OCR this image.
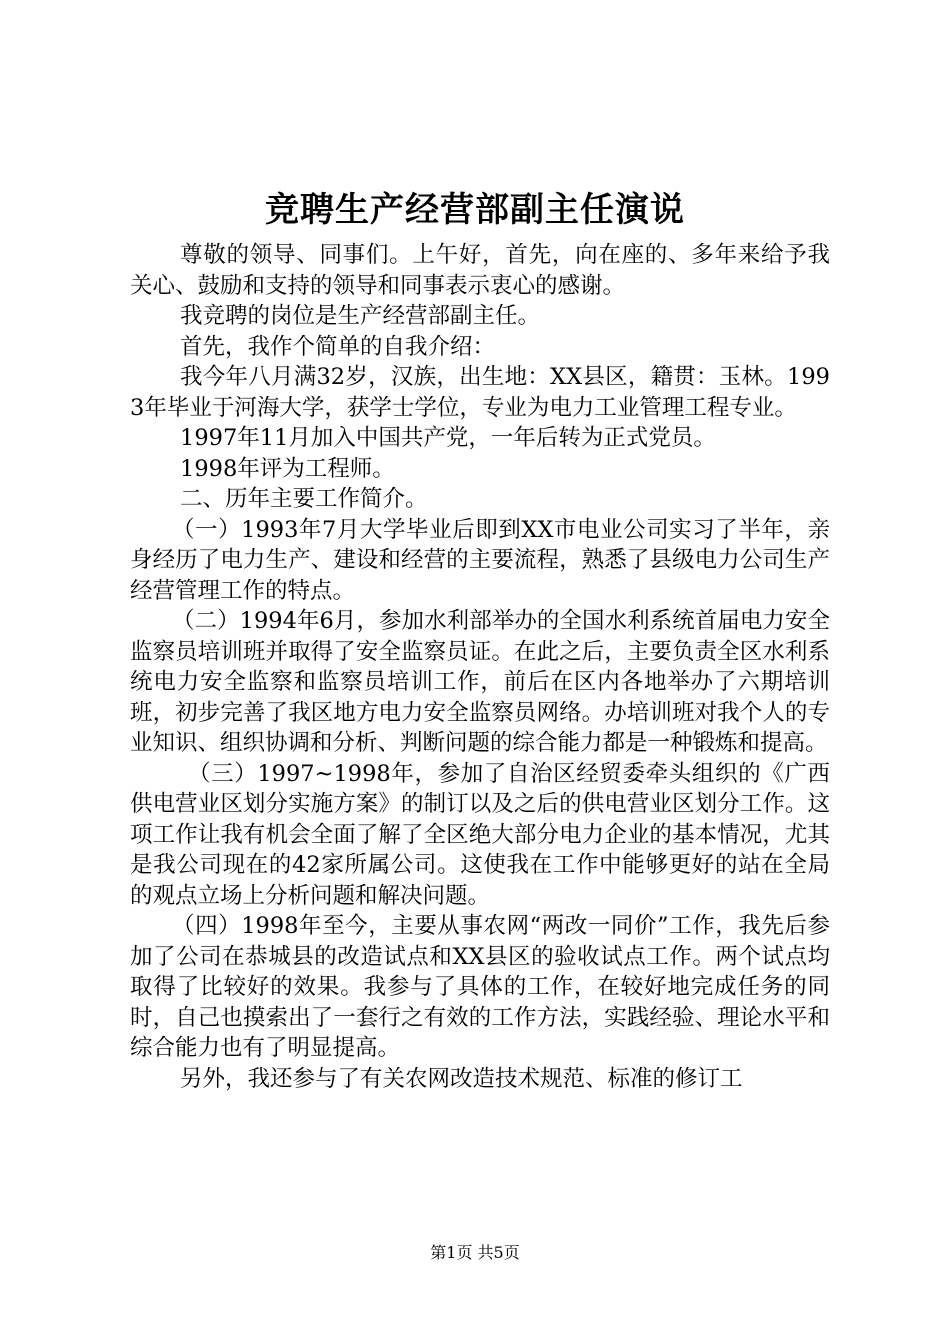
竞聘生产经营部副主任演说

尊敬的领导、同事们。上午好，首先，向在座的、多年来给予我关心、鼓励和支持的领导和同事表示衷心的感谢。

我竞聘的岗位是生产经营部副主任。

首先，我作个简单的自我介绍：

我今年八月满32岁，汉族，出生地：XX县区，籍贯：玉林。1993年毕业于河海大学，获学士学位，专业为电力工业管理工程专业。

1997年11月加入中国共产党，一年后转为正式党员。

1998年评为工程师。

二、历年主要工作简介。

（一）1993年7月大学毕业后即到XX市电业公司实习了半年，亲身经历了电力生产、建设和经营的主要流程，熟悉了县级电力公司生产经营管理工作的特点。

（二）1994年6月，参加水利部举办的全国水利系统首届电力安全监察员培训班并取得了安全监察员证。在此之后，主要负责全区水利系统电力安全监察和监察员培训工作，前后在区内各地举办了六期培训班，初步完善了我区地方电力安全监察员网络。办培训班对我个人的专业知识、组织协调和分析、判断问题的综合能力都是一种锻炼和提高。

（三）1997~1998年，参加了自治区经贸委牵头组织的《广西供电营业区划分实施方案》的制订以及之后的供电营业区划分工作。这项工作让我有机会全面了解了全区绝大部分电力企业的基本情况，尤其是我公司现在的42家所属公司。这使我在工作中能够更好的站在全局的观点立场上分析问题和解决问题。

（四）1998年至今，主要从事农网“两改一同价”工作，我先后参加了公司在恭城县的改造试点和XX县区的验收试点工作。两个试点均取得了比较好的效果。我参与了具体的工作，在较好地完成任务的同时，自己也摸索出了一套行之有效的工作方法，实践经验、理论水平和综合能力也有了明显提高。

另外，我还参与了有关农网改造技术规范、标准的修订工

第1页 共5页
